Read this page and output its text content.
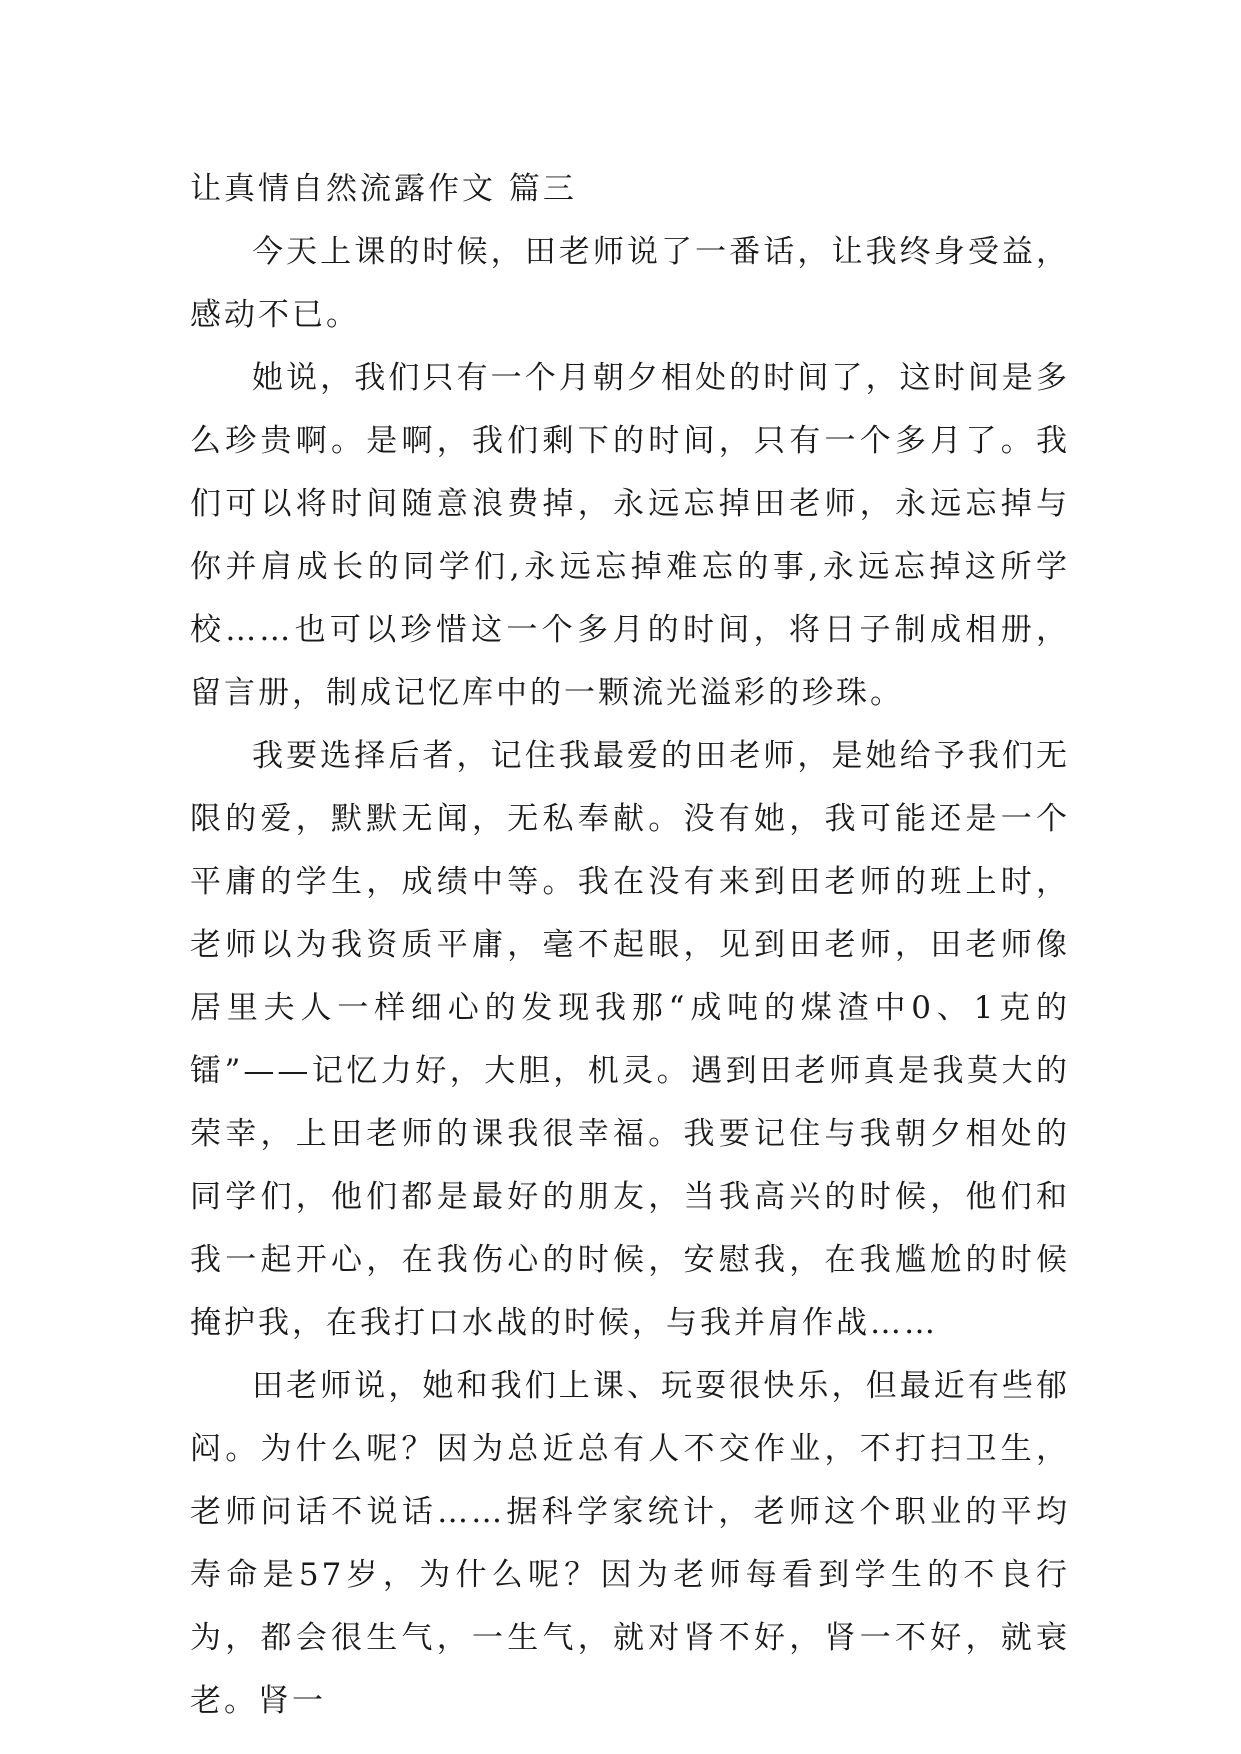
让真情自然流露作文 篇三

今天上课的时候，田老师说了一番话，让我终身受益，感动不已。

她说，我们只有一个月朝夕相处的时间了，这时间是多么珍贵啊。是啊，我们剩下的时间，只有一个多月了。我们可以将时间随意浪费掉，永远忘掉田老师，永远忘掉与你并肩成长的同学们,永远忘掉难忘的事,永远忘掉这所学校……也可以珍惜这一个多月的时间，将日子制成相册，留言册，制成记忆库中的一颗流光溢彩的珍珠。

我要选择后者，记住我最爱的田老师，是她给予我们无限的爱，默默无闻，无私奉献。没有她，我可能还是一个平庸的学生，成绩中等。我在没有来到田老师的班上时，老师以为我资质平庸，毫不起眼，见到田老师，田老师像居里夫人一样细心的发现我那“成吨的煤渣中0、1克的镭”——记忆力好，大胆，机灵。遇到田老师真是我莫大的荣幸，上田老师的课我很幸福。我要记住与我朝夕相处的同学们，他们都是最好的朋友，当我高兴的时候，他们和我一起开心，在我伤心的时候，安慰我，在我尴尬的时候掩护我，在我打口水战的时候，与我并肩作战……

田老师说，她和我们上课、玩耍很快乐，但最近有些郁闷。为什么呢？因为总近总有人不交作业，不打扫卫生，老师问话不说话……据科学家统计，老师这个职业的平均寿命是57岁，为什么呢？因为老师每看到学生的不良行为，都会很生气，一生气，就对肾不好，肾一不好，就衰老。肾一
